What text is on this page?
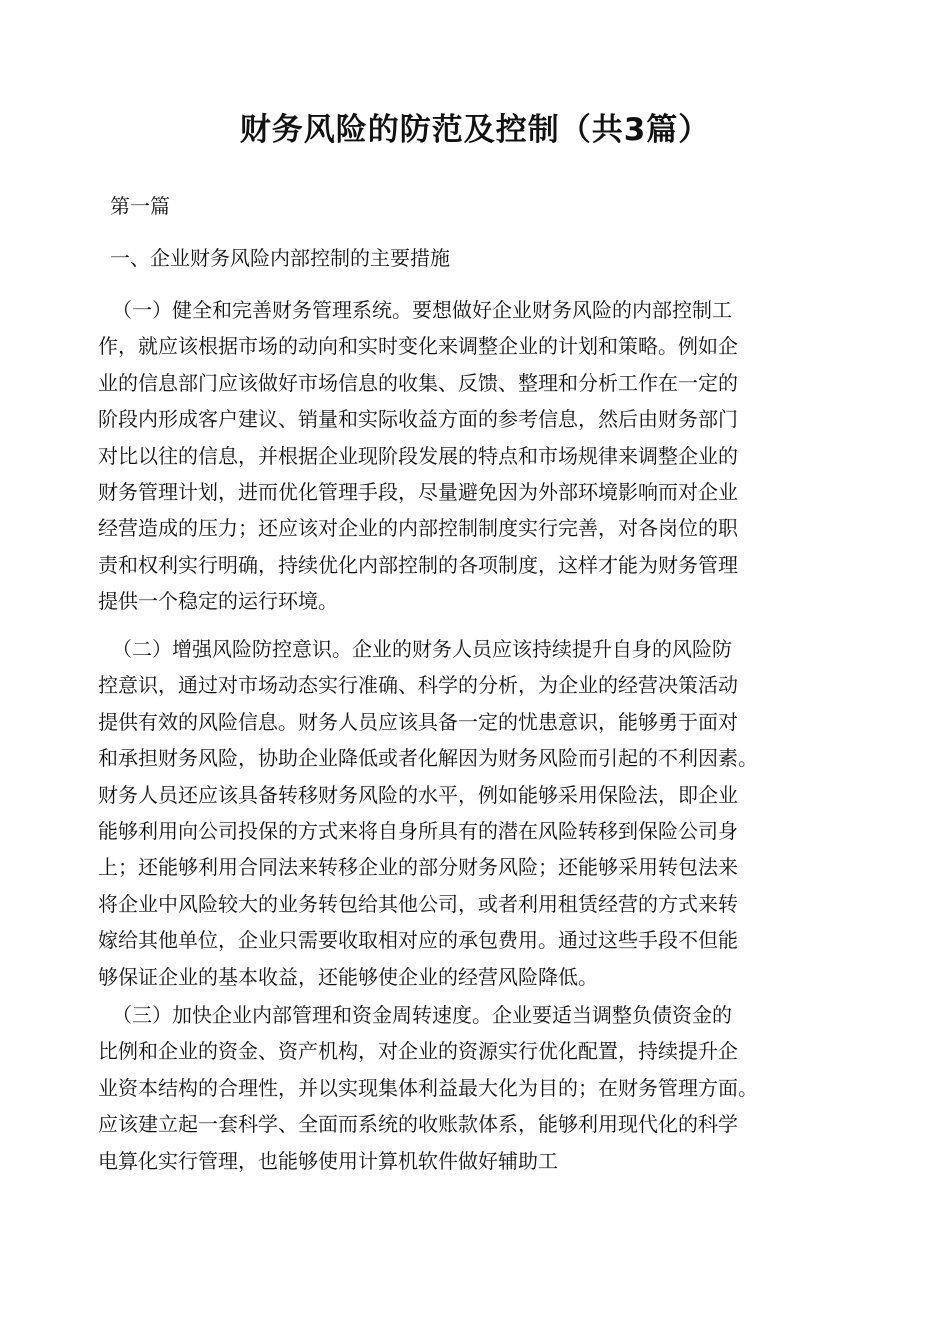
财务风险的防范及控制（共3篇）

第一篇

一、企业财务风险内部控制的主要措施

（一）健全和完善财务管理系统。要想做好企业财务风险的内部控制工
作，就应该根据市场的动向和实时变化来调整企业的计划和策略。例如企
业的信息部门应该做好市场信息的收集、反馈、整理和分析工作在一定的
阶段内形成客户建议、销量和实际收益方面的参考信息，然后由财务部门
对比以往的信息，并根据企业现阶段发展的特点和市场规律来调整企业的
财务管理计划，进而优化管理手段，尽量避免因为外部环境影响而对企业
经营造成的压力；还应该对企业的内部控制制度实行完善，对各岗位的职
责和权利实行明确，持续优化内部控制的各项制度，这样才能为财务管理
提供一个稳定的运行环境。
（二）增强风险防控意识。企业的财务人员应该持续提升自身的风险防
控意识，通过对市场动态实行准确、科学的分析，为企业的经营决策活动
提供有效的风险信息。财务人员应该具备一定的忧患意识，能够勇于面对
和承担财务风险，协助企业降低或者化解因为财务风险而引起的不利因素。
财务人员还应该具备转移财务风险的水平，例如能够采用保险法，即企业
能够利用向公司投保的方式来将自身所具有的潜在风险转移到保险公司身
上；还能够利用合同法来转移企业的部分财务风险；还能够采用转包法来
将企业中风险较大的业务转包给其他公司，或者利用租赁经营的方式来转
嫁给其他单位，企业只需要收取相对应的承包费用。通过这些手段不但能
够保证企业的基本收益，还能够使企业的经营风险降低。
（三）加快企业内部管理和资金周转速度。企业要适当调整负债资金的
比例和企业的资金、资产机构，对企业的资源实行优化配置，持续提升企
业资本结构的合理性，并以实现集体利益最大化为目的；在财务管理方面。
应该建立起一套科学、全面而系统的收账款体系，能够利用现代化的科学
电算化实行管理，也能够使用计算机软件做好辅助工
